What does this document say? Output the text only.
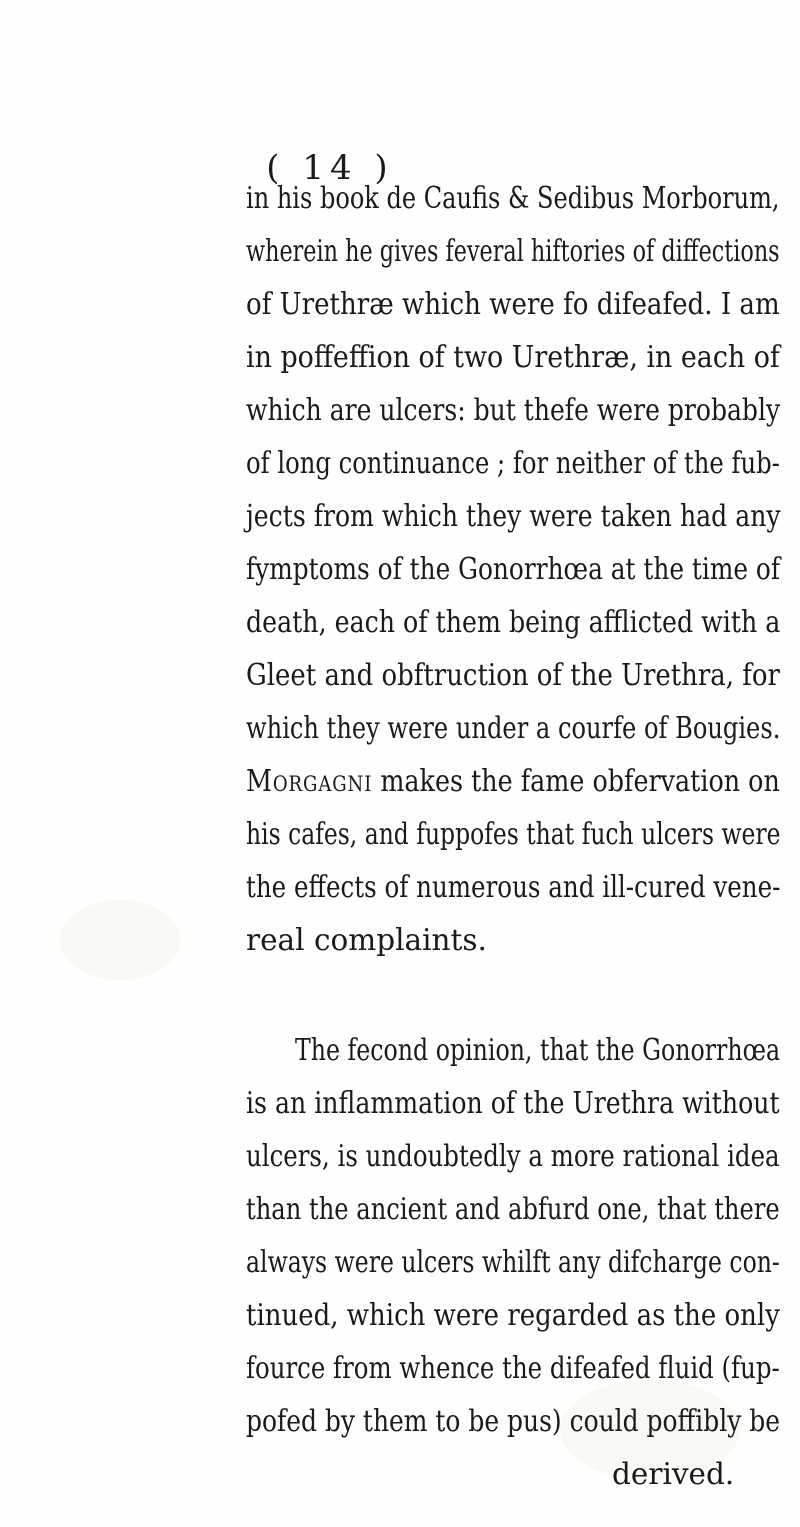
( 14 )
in his book de Caufis & Sedibus Morborum,
wherein he gives feveral hiftories of diffections
of Urethræ which were fo difeafed. I am
in poffeffion of two Urethræ, in each of
which are ulcers: but thefe were probably
of long continuance ; for neither of the fub-
jects from which they were taken had any
fymptoms of the Gonorrhœa at the time of
death, each of them being afflicted with a
Gleet and obftruction of the Urethra, for
which they were under a courfe of Bougies.
Morgagni makes the fame obfervation on
his cafes, and fuppofes that fuch ulcers were
the effects of numerous and ill-cured vene-
real complaints.
The fecond opinion, that the Gonorrhœa
is an inflammation of the Urethra without
ulcers, is undoubtedly a more rational idea
than the ancient and abfurd one, that there
always were ulcers whilft any difcharge con-
tinued, which were regarded as the only
fource from whence the difeafed fluid (fup-
pofed by them to be pus) could poffibly be
derived.
